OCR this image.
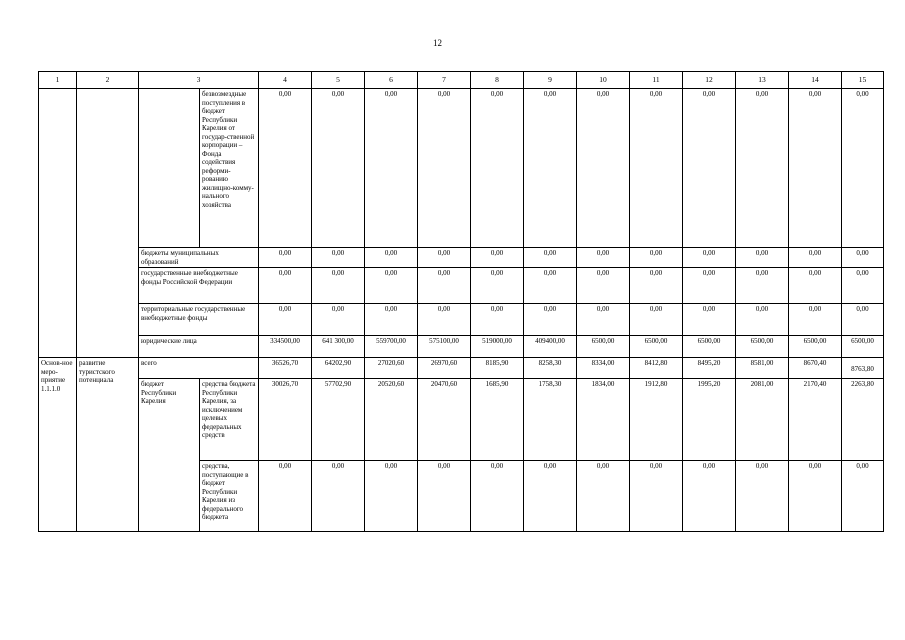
12
1	2	3		4	5	6	7	8	9	10	11	12	13	14	15
			безвозмездные поступления в бюджет Республики Карелия от государ-ственной корпорации – Фонда содействия реформи-рованию жилищно-комму-нального хозяйства	0,00	0,00	0,00	0,00	0,00	0,00	0,00	0,00	0,00	0,00	0,00	0,00
		бюджеты муниципальных образований		0,00	0,00	0,00	0,00	0,00	0,00	0,00	0,00	0,00	0,00	0,00	0,00
		государственные внебюджетные фонды Российской Федерации		0,00	0,00	0,00	0,00	0,00	0,00	0,00	0,00	0,00	0,00	0,00	0,00
		территориальные государственные внебюджетные фонды		0,00	0,00	0,00	0,00	0,00	0,00	0,00	0,00	0,00	0,00	0,00	0,00
		юридические лица		334500,00	641 300,00	559700,00	575100,00	519000,00	409400,00	6500,00	6500,00	6500,00	6500,00	6500,00	6500,00
Основ-ное меро-приятие 1.1.1.0	развитие туристского потенциала	всего		36526,70	64202,90	27020,60	26970,60	8185,90	8258,30	8334,00	8412,80	8495,20	8581,00	8670,40	8763,80
		бюджет Республики Карелия	средства бюджета Республики Карелия, за исключением целевых федеральных средств	30026,70	57702,90	20520,60	20470,60	1685,90	1758,30	1834,00	1912,80	1995,20	2081,00	2170,40	2263,80
			средства, поступающие в бюджет Республики Карелия из федерального бюджета	0,00	0,00	0,00	0,00	0,00	0,00	0,00	0,00	0,00	0,00	0,00	0,00
